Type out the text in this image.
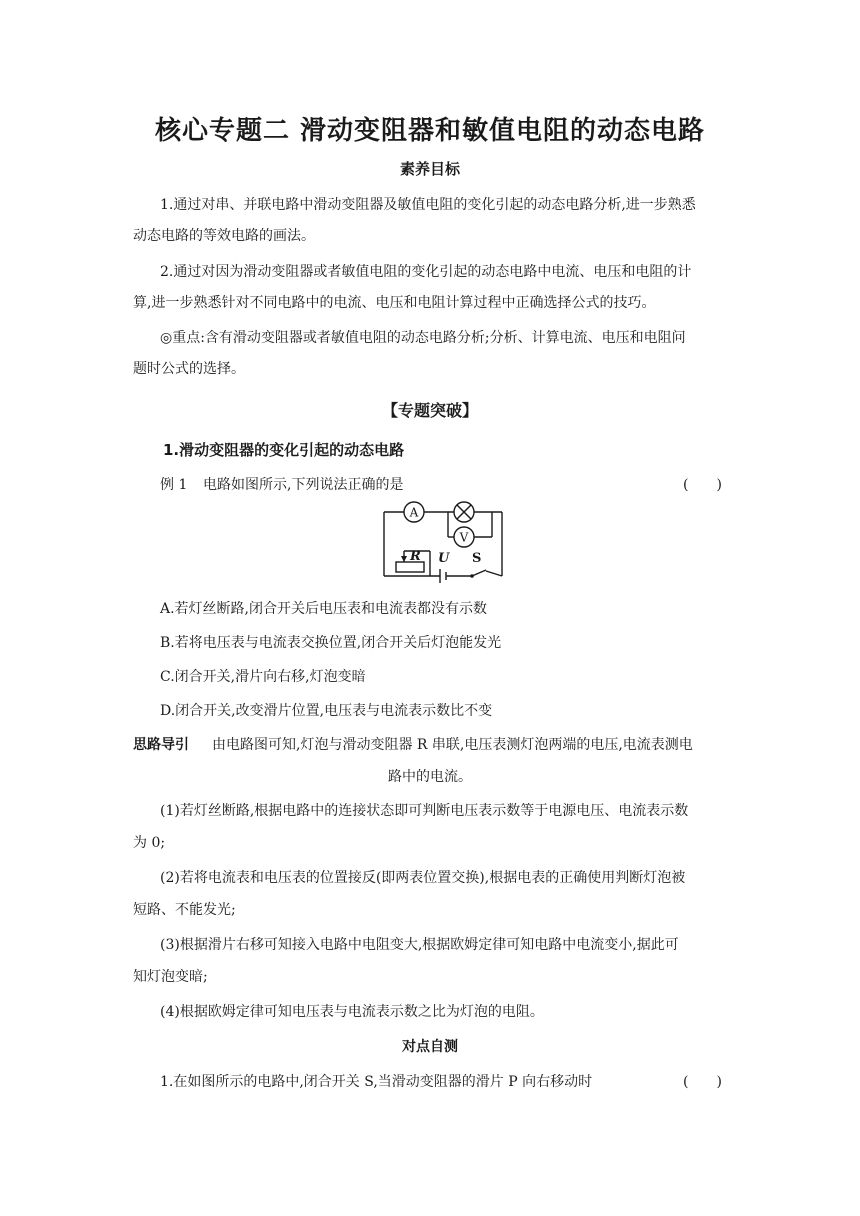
核心专题二 滑动变阻器和敏值电阻的动态电路
素养目标
1.通过对串、并联电路中滑动变阻器及敏值电阻的变化引起的动态电路分析,进一步熟悉
动态电路的等效电路的画法。
2.通过对因为滑动变阻器或者敏值电阻的变化引起的动态电路中电流、电压和电阻的计
算,进一步熟悉针对不同电路中的电流、电压和电阻计算过程中正确选择公式的技巧。
◎重点:含有滑动变阻器或者敏值电阻的动态电路分析;分析、计算电流、电压和电阻问
题时公式的选择。
【专题突破】
1.滑动变阻器的变化引起的动态电路
例 1 电路如图所示,下列说法正确的是	(　　)
A
V
R U S
A.若灯丝断路,闭合开关后电压表和电流表都没有示数
B.若将电压表与电流表交换位置,闭合开关后灯泡能发光
C.闭合开关,滑片向右移,灯泡变暗
D.闭合开关,改变滑片位置,电压表与电流表示数比不变
思路导引 由电路图可知,灯泡与滑动变阻器 R 串联,电压表测灯泡两端的电压,电流表测电
路中的电流。
(1)若灯丝断路,根据电路中的连接状态即可判断电压表示数等于电源电压、电流表示数
为 0;
(2)若将电流表和电压表的位置接反(即两表位置交换),根据电表的正确使用判断灯泡被
短路、不能发光;
(3)根据滑片右移可知接入电路中电阻变大,根据欧姆定律可知电路中电流变小,据此可
知灯泡变暗;
(4)根据欧姆定律可知电压表与电流表示数之比为灯泡的电阻。
对点自测
1.在如图所示的电路中,闭合开关 S,当滑动变阻器的滑片 P 向右移动时	(　　)
